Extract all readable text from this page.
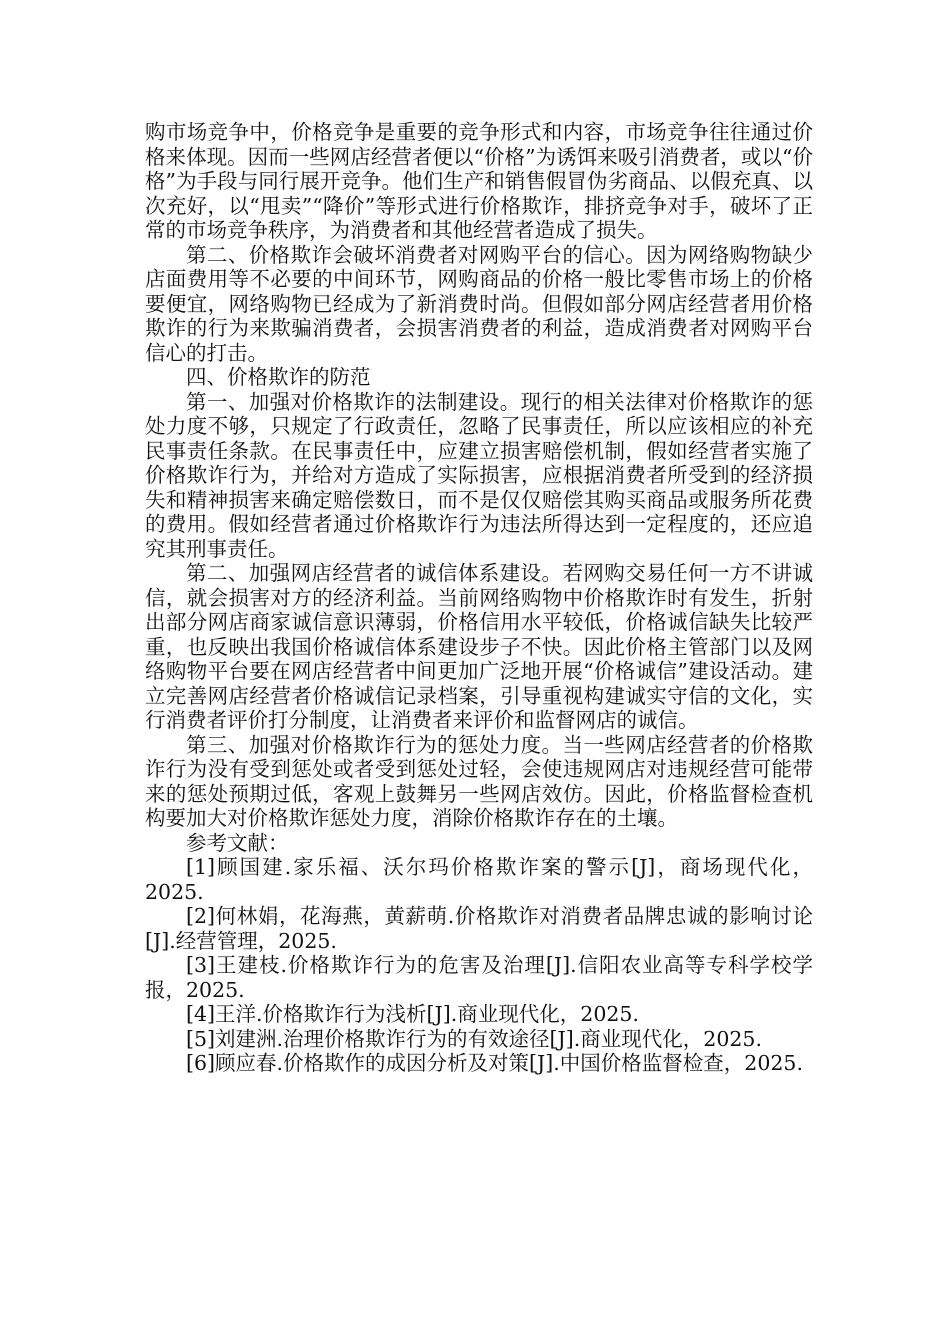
购市场竞争中，价格竞争是重要的竞争形式和内容，市场竞争往往通过价格来体现。因而一些网店经营者便以“价格”为诱饵来吸引消费者，或以“价格”为手段与同行展开竞争。他们生产和销售假冒伪劣商品、以假充真、以次充好，以“甩卖”“降价”等形式进行价格欺诈，排挤竞争对手，破坏了正常的市场竞争秩序，为消费者和其他经营者造成了损失。

第二、价格欺诈会破坏消费者对网购平台的信心。因为网络购物缺少店面费用等不必要的中间环节，网购商品的价格一般比零售市场上的价格要便宜，网络购物已经成为了新消费时尚。但假如部分网店经营者用价格欺诈的行为来欺骗消费者，会损害消费者的利益，造成消费者对网购平台信心的打击。

四、价格欺诈的防范

第一、加强对价格欺诈的法制建设。现行的相关法律对价格欺诈的惩处力度不够，只规定了行政责任，忽略了民事责任，所以应该相应的补充民事责任条款。在民事责任中，应建立损害赔偿机制，假如经营者实施了价格欺诈行为，并给对方造成了实际损害，应根据消费者所受到的经济损失和精神损害来确定赔偿数日，而不是仅仅赔偿其购买商品或服务所花费的费用。假如经营者通过价格欺诈行为违法所得达到一定程度的，还应追究其刑事责任。

第二、加强网店经营者的诚信体系建设。若网购交易任何一方不讲诚信，就会损害对方的经济利益。当前网络购物中价格欺诈时有发生，折射出部分网店商家诚信意识薄弱，价格信用水平较低，价格诚信缺失比较严重，也反映出我国价格诚信体系建设步子不快。因此价格主管部门以及网络购物平台要在网店经营者中间更加广泛地开展“价格诚信”建设活动。建立完善网店经营者价格诚信记录档案，引导重视构建诚实守信的文化，实行消费者评价打分制度，让消费者来评价和监督网店的诚信。

第三、加强对价格欺诈行为的惩处力度。当一些网店经营者的价格欺诈行为没有受到惩处或者受到惩处过轻，会使违规网店对违规经营可能带来的惩处预期过低，客观上鼓舞另一些网店效仿。因此，价格监督检查机构要加大对价格欺诈惩处力度，消除价格欺诈存在的土壤。

参考文献：

[1]顾国建.家乐福、沃尔玛价格欺诈案的警示[J]，商场现代化，2025.

[2]何林娟，花海燕，黄薪萌.价格欺诈对消费者品牌忠诚的影响讨论[J].经营管理，2025.

[3]王建枝.价格欺诈行为的危害及治理[J].信阳农业高等专科学校学报，2025.

[4]王洋.价格欺诈行为浅析[J].商业现代化，2025.

[5]刘建洲.治理价格欺诈行为的有效途径[J].商业现代化，2025.

[6]顾应春.价格欺作的成因分析及对策[J].中国价格监督检查，2025.
